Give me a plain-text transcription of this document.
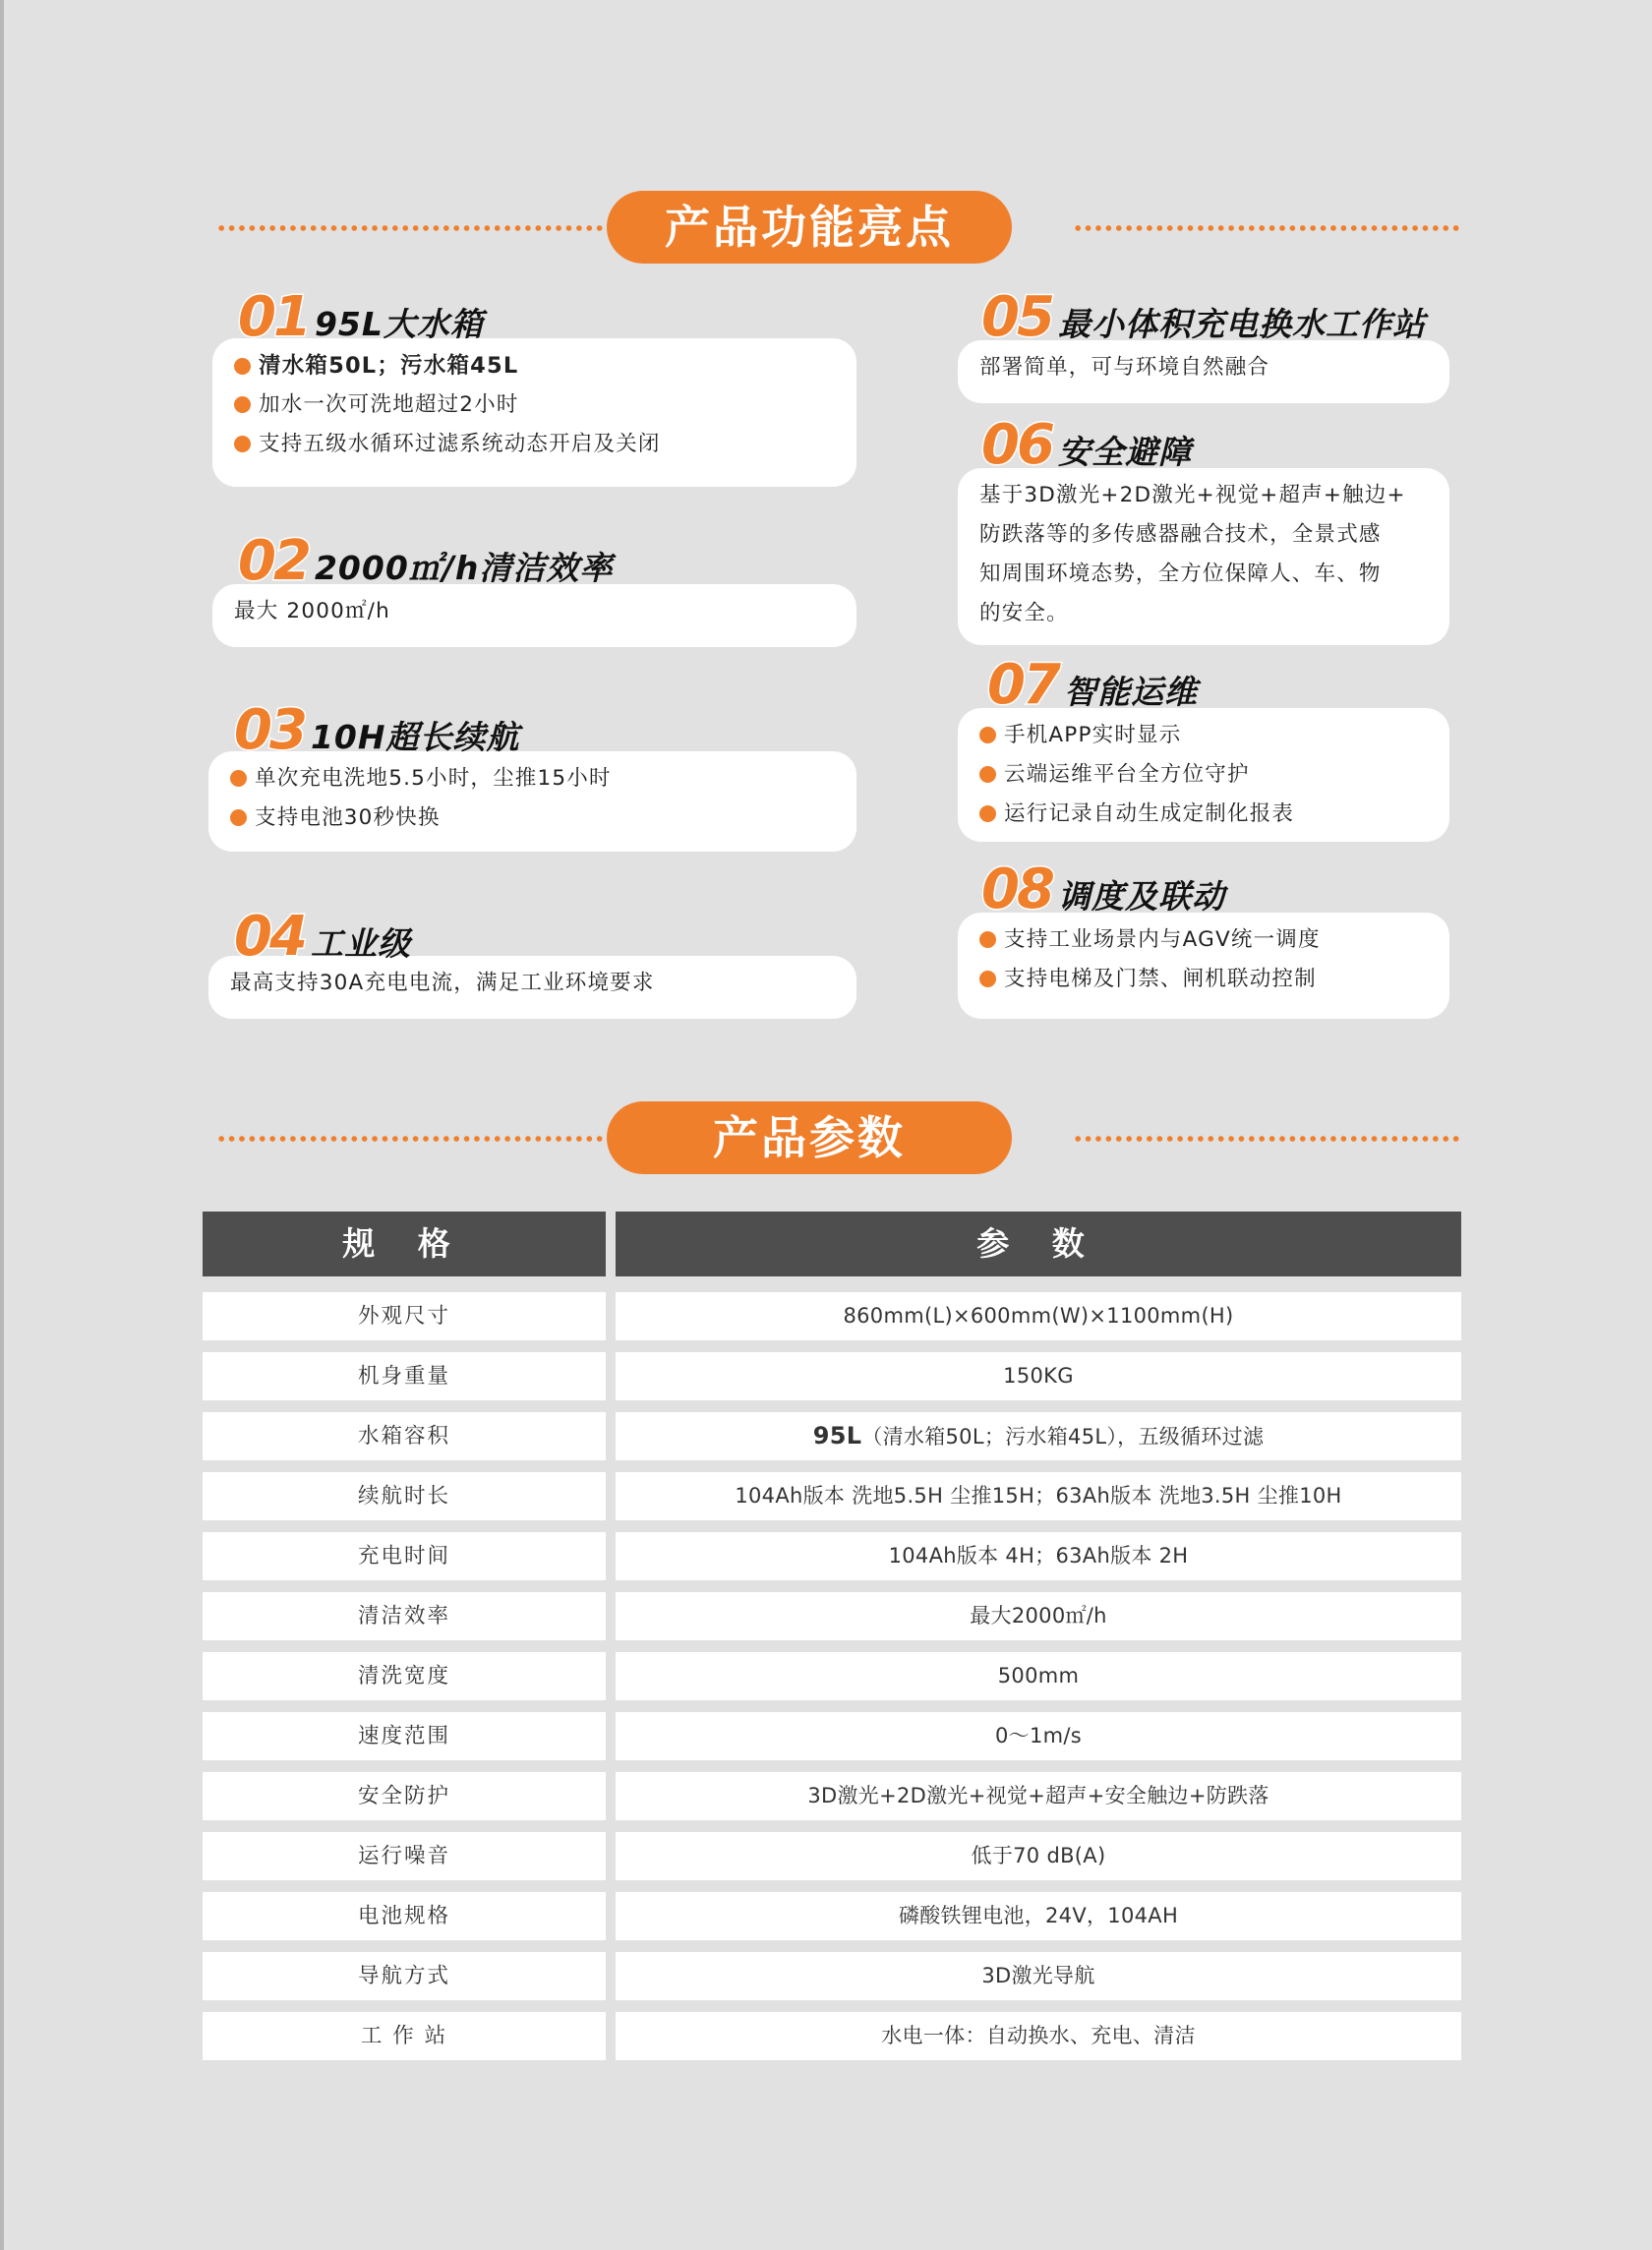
产品功能亮点
01 95L大水箱
清水箱50L；污水箱45L
加水一次可洗地超过2小时
支持五级水循环过滤系统动态开启及关闭
02 2000㎡/h清洁效率
最大 2000㎡/h
03 10H超长续航
单次充电洗地5.5小时，尘推15小时
支持电池30秒快换
04 工业级
最高支持30A充电电流，满足工业环境要求
05 最小体积充电换水工作站
部署简单，可与环境自然融合
06 安全避障
基于3D激光+2D激光+视觉+超声+触边+
防跌落等的多传感器融合技术，全景式感
知周围环境态势，全方位保障人、车、物
的安全。
07 智能运维
手机APP实时显示
云端运维平台全方位守护
运行记录自动生成定制化报表
08 调度及联动
支持工业场景内与AGV统一调度
支持电梯及门禁、闸机联动控制
产品参数
规 格	参 数
外观尺寸	860mm(L)×600mm(W)×1100mm(H)
机身重量	150KG
水箱容积	95L（清水箱50L；污水箱45L），五级循环过滤
续航时长	104Ah版本 洗地5.5H 尘推15H；63Ah版本 洗地3.5H 尘推10H
充电时间	104Ah版本 4H；63Ah版本 2H
清洁效率	最大2000㎡/h
清洗宽度	500mm
速度范围	0～1m/s
安全防护	3D激光+2D激光+视觉+超声+安全触边+防跌落
运行噪音	低于70 dB(A)
电池规格	磷酸铁锂电池，24V，104AH
导航方式	3D激光导航
工 作 站	水电一体：自动换水、充电、清洁
